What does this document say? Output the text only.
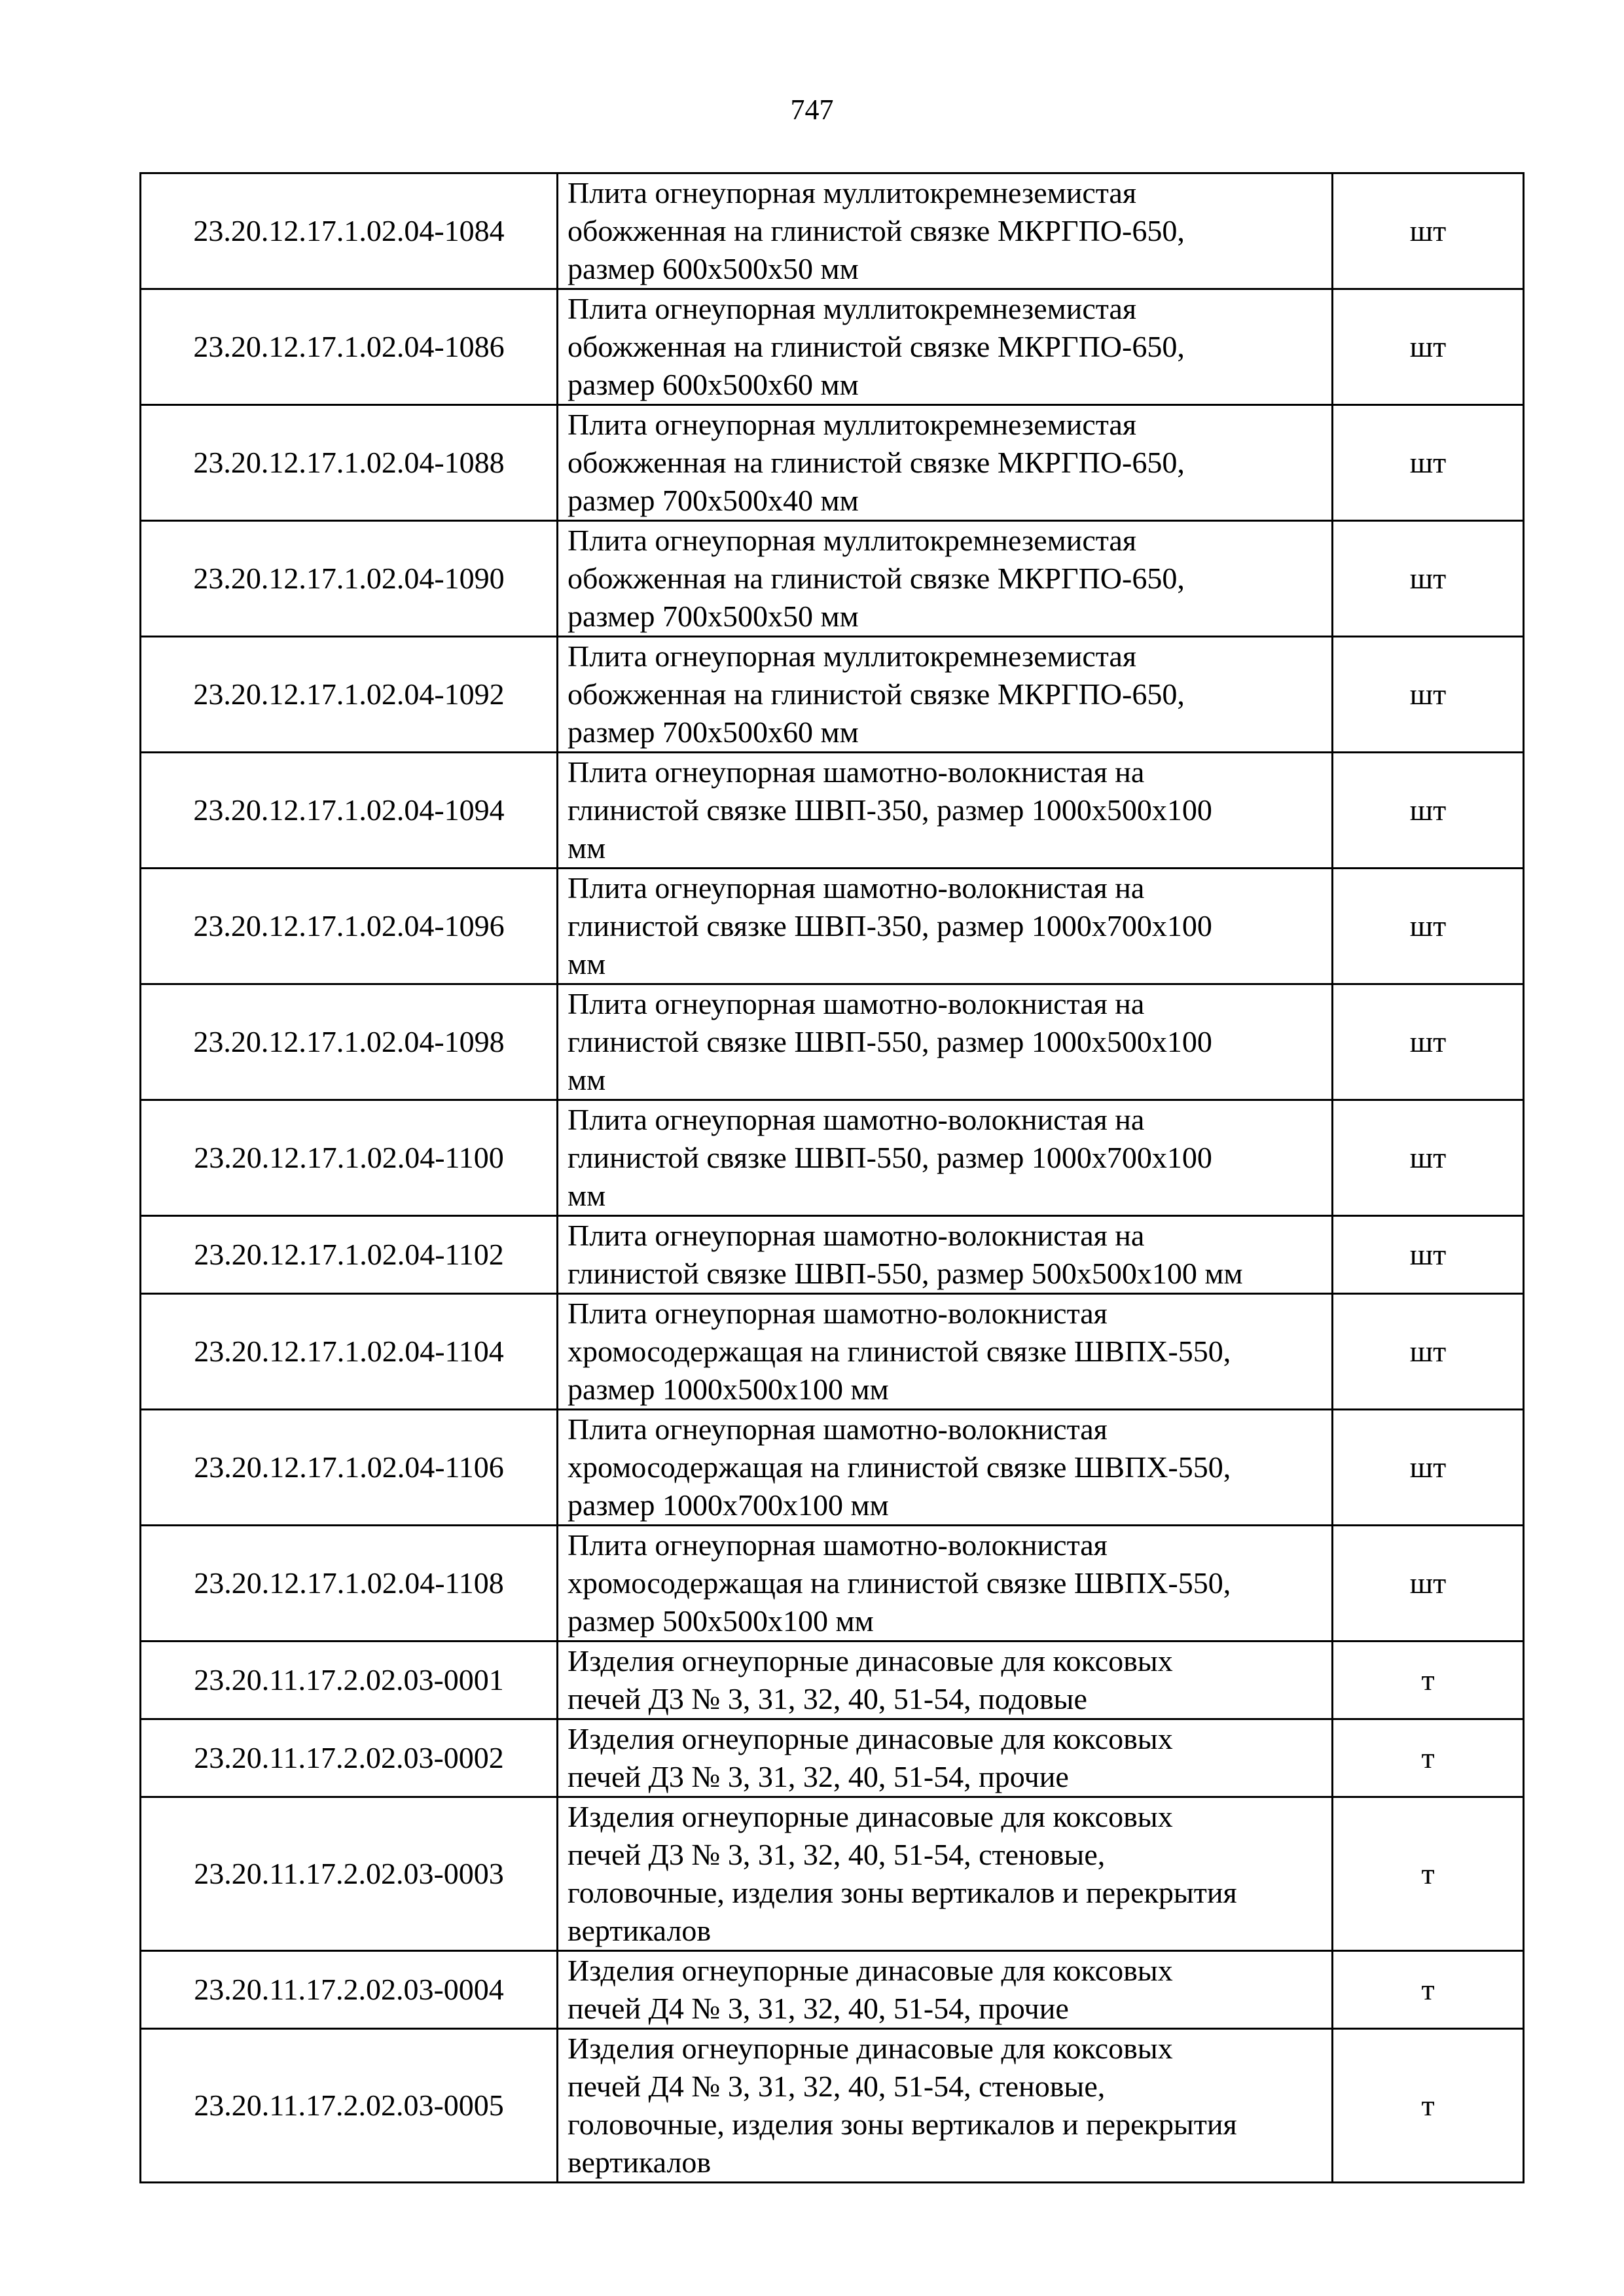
747
23.20.12.17.1.02.04-1084	Плита огнеупорная муллитокремнеземистая
обожженная на глинистой связке МКРГПО-650,
размер 600x500x50 мм	шт
23.20.12.17.1.02.04-1086	Плита огнеупорная муллитокремнеземистая
обожженная на глинистой связке МКРГПО-650,
размер 600x500x60 мм	шт
23.20.12.17.1.02.04-1088	Плита огнеупорная муллитокремнеземистая
обожженная на глинистой связке МКРГПО-650,
размер 700x500x40 мм	шт
23.20.12.17.1.02.04-1090	Плита огнеупорная муллитокремнеземистая
обожженная на глинистой связке МКРГПО-650,
размер 700x500x50 мм	шт
23.20.12.17.1.02.04-1092	Плита огнеупорная муллитокремнеземистая
обожженная на глинистой связке МКРГПО-650,
размер 700x500x60 мм	шт
23.20.12.17.1.02.04-1094	Плита огнеупорная шамотно-волокнистая на
глинистой связке ШВП-350, размер 1000x500x100
мм	шт
23.20.12.17.1.02.04-1096	Плита огнеупорная шамотно-волокнистая на
глинистой связке ШВП-350, размер 1000x700x100
мм	шт
23.20.12.17.1.02.04-1098	Плита огнеупорная шамотно-волокнистая на
глинистой связке ШВП-550, размер 1000x500x100
мм	шт
23.20.12.17.1.02.04-1100	Плита огнеупорная шамотно-волокнистая на
глинистой связке ШВП-550, размер 1000x700x100
мм	шт
23.20.12.17.1.02.04-1102	Плита огнеупорная шамотно-волокнистая на
глинистой связке ШВП-550, размер 500x500x100 мм	шт
23.20.12.17.1.02.04-1104	Плита огнеупорная шамотно-волокнистая
хромосодержащая на глинистой связке ШВПХ-550,
размер 1000x500x100 мм	шт
23.20.12.17.1.02.04-1106	Плита огнеупорная шамотно-волокнистая
хромосодержащая на глинистой связке ШВПХ-550,
размер 1000x700x100 мм	шт
23.20.12.17.1.02.04-1108	Плита огнеупорная шамотно-волокнистая
хромосодержащая на глинистой связке ШВПХ-550,
размер 500x500x100 мм	шт
23.20.11.17.2.02.03-0001	Изделия огнеупорные динасовые для коксовых
печей Д3 № 3, 31, 32, 40, 51-54, подовые	т
23.20.11.17.2.02.03-0002	Изделия огнеупорные динасовые для коксовых
печей Д3 № 3, 31, 32, 40, 51-54, прочие	т
23.20.11.17.2.02.03-0003	Изделия огнеупорные динасовые для коксовых
печей Д3 № 3, 31, 32, 40, 51-54, стеновые,
головочные, изделия зоны вертикалов и перекрытия
вертикалов	т
23.20.11.17.2.02.03-0004	Изделия огнеупорные динасовые для коксовых
печей Д4 № 3, 31, 32, 40, 51-54, прочие	т
23.20.11.17.2.02.03-0005	Изделия огнеупорные динасовые для коксовых
печей Д4 № 3, 31, 32, 40, 51-54, стеновые,
головочные, изделия зоны вертикалов и перекрытия
вертикалов	т
